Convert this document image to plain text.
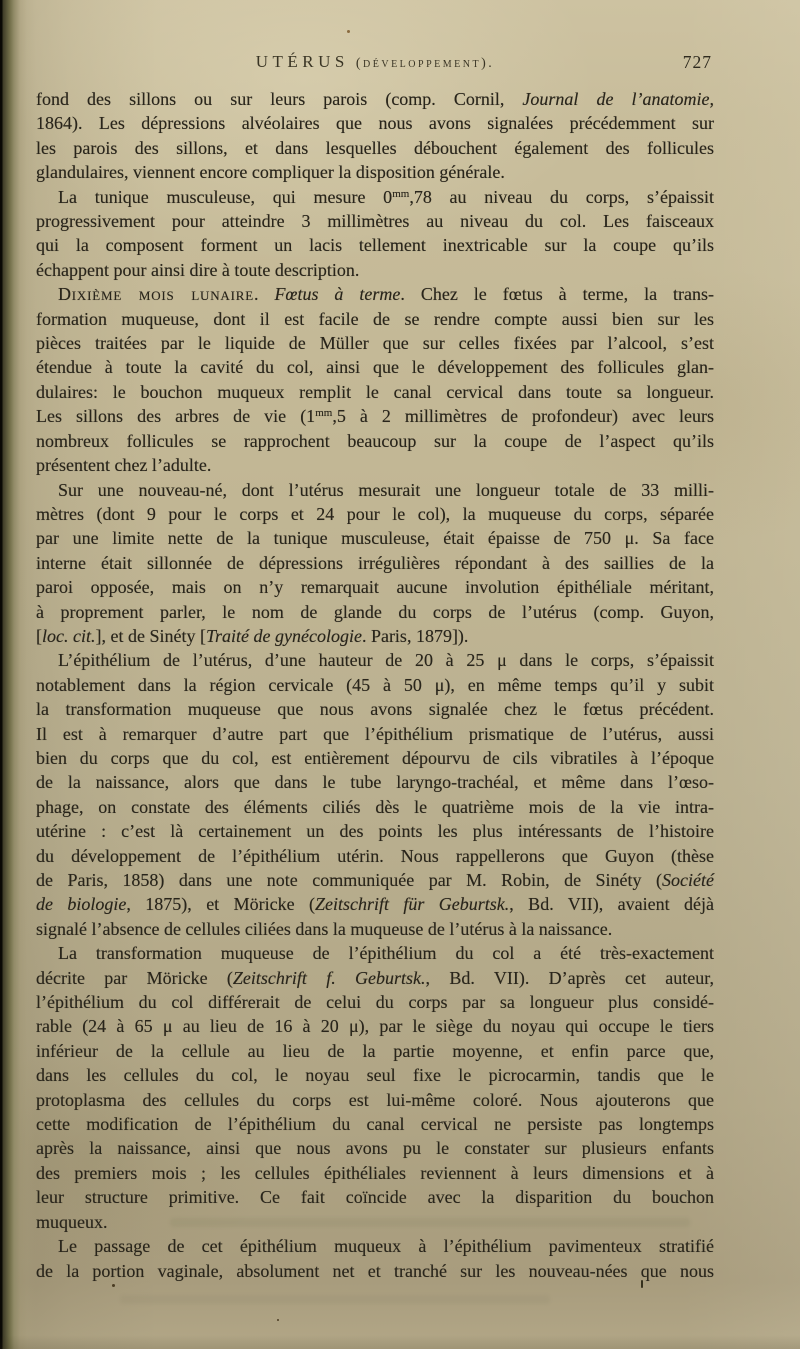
UTÉRUS (développement).	727
fond des sillons ou sur leurs parois (comp. Cornil, Journal de l’anatomie,
1864). Les dépressions alvéolaires que nous avons signalées précédemment sur
les parois des sillons, et dans lesquelles débouchent également des follicules
glandulaires, viennent encore compliquer la disposition générale.
La tunique musculeuse, qui mesure $0^{mm},78$ au niveau du corps, s’épaissit
progressivement pour atteindre 3 millimètres au niveau du col. Les faisceaux
qui la composent forment un lacis tellement inextricable sur la coupe qu’ils
échappent pour ainsi dire à toute description.
Dixième mois lunaire. Fœtus à terme. Chez le fœtus à terme, la trans-
formation muqueuse, dont il est facile de se rendre compte aussi bien sur les
pièces traitées par le liquide de Müller que sur celles fixées par l’alcool, s’est
étendue à toute la cavité du col, ainsi que le développement des follicules glan-
dulaires: le bouchon muqueux remplit le canal cervical dans toute sa longueur.
Les sillons des arbres de vie ($1^{mm},5$ à 2 millimètres de profondeur) avec leurs
nombreux follicules se rapprochent beaucoup sur la coupe de l’aspect qu’ils
présentent chez l’adulte.
Sur une nouveau-né, dont l’utérus mesurait une longueur totale de 33 milli-
mètres (dont 9 pour le corps et 24 pour le col), la muqueuse du corps, séparée
par une limite nette de la tunique musculeuse, était épaisse de 750 μ. Sa face
interne était sillonnée de dépressions irrégulières répondant à des saillies de la
paroi opposée, mais on n’y remarquait aucune involution épithéliale méritant,
à proprement parler, le nom de glande du corps de l’utérus (comp. Guyon,
[loc. cit.], et de Sinéty [Traité de gynécologie. Paris, 1879]).
L’épithélium de l’utérus, d’une hauteur de 20 à 25 μ dans le corps, s’épaissit
notablement dans la région cervicale (45 à 50 μ), en même temps qu’il y subit
la transformation muqueuse que nous avons signalée chez le fœtus précédent.
Il est à remarquer d’autre part que l’épithélium prismatique de l’utérus, aussi
bien du corps que du col, est entièrement dépourvu de cils vibratiles à l’époque
de la naissance, alors que dans le tube laryngo-trachéal, et même dans l’œso-
phage, on constate des éléments ciliés dès le quatrième mois de la vie intra-
utérine : c’est là certainement un des points les plus intéressants de l’histoire
du développement de l’épithélium utérin. Nous rappellerons que Guyon (thèse
de Paris, 1858) dans une note communiquée par M. Robin, de Sinéty (Société
de biologie, 1875), et Möricke (Zeitschrift für Geburtsk., Bd. VII), avaient déjà
signalé l’absence de cellules ciliées dans la muqueuse de l’utérus à la naissance.
La transformation muqueuse de l’épithélium du col a été très-exactement
décrite par Möricke (Zeitschrift f. Geburtsk., Bd. VII). D’après cet auteur,
l’épithélium du col différerait de celui du corps par sa longueur plus considé-
rable (24 à 65 μ au lieu de 16 à 20 μ), par le siège du noyau qui occupe le tiers
inférieur de la cellule au lieu de la partie moyenne, et enfin parce que,
dans les cellules du col, le noyau seul fixe le picrocarmin, tandis que le
protoplasma des cellules du corps est lui-même coloré. Nous ajouterons que
cette modification de l’épithélium du canal cervical ne persiste pas longtemps
après la naissance, ainsi que nous avons pu le constater sur plusieurs enfants
des premiers mois ; les cellules épithéliales reviennent à leurs dimensions et à
leur structure primitive. Ce fait coïncide avec la disparition du bouchon
muqueux.
Le passage de cet épithélium muqueux à l’épithélium pavimenteux stratifié
de la portion vaginale, absolument net et tranché sur les nouveau-nées que nous
